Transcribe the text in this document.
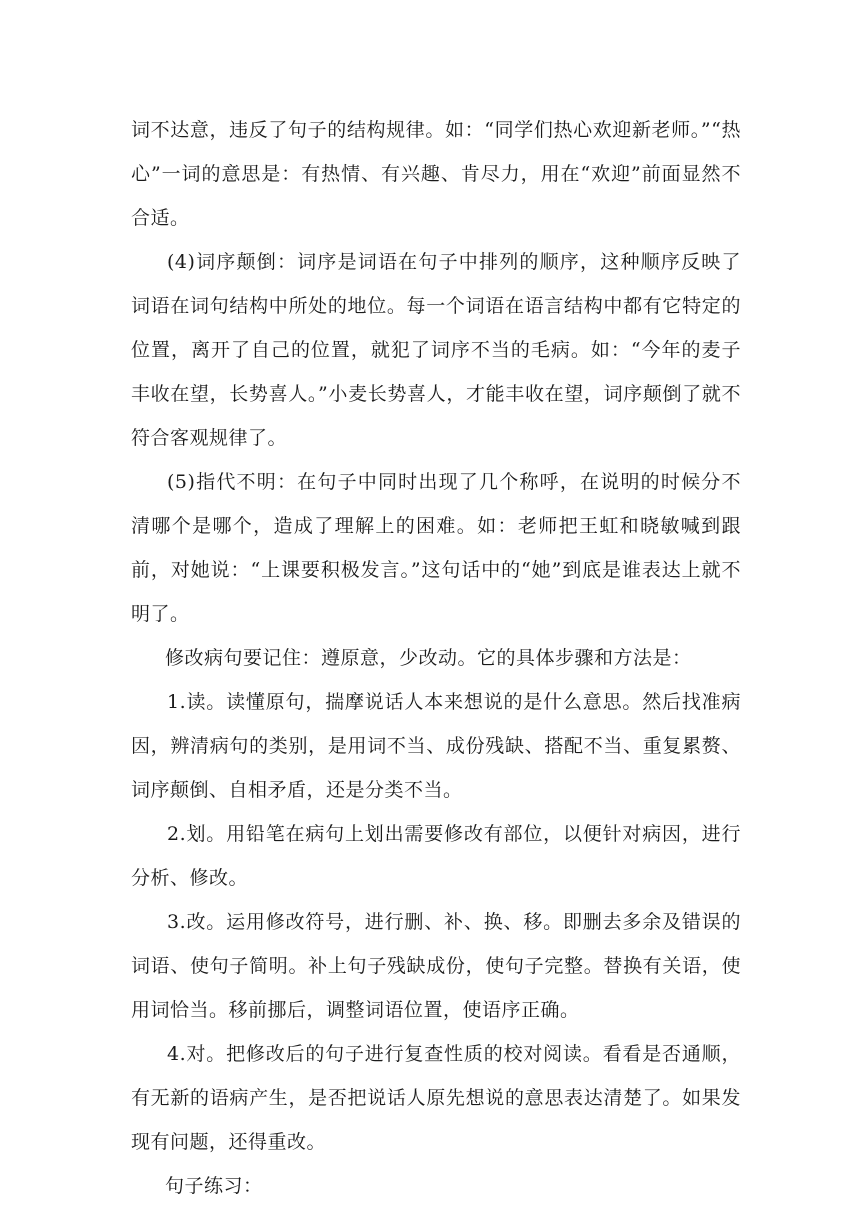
词不达意，违反了句子的结构规律。如：“同学们热心欢迎新老师。”“热心”一词的意思是：有热情、有兴趣、肯尽力，用在“欢迎”前面显然不合适。

(4)词序颠倒：词序是词语在句子中排列的顺序，这种顺序反映了词语在词句结构中所处的地位。每一个词语在语言结构中都有它特定的位置，离开了自己的位置，就犯了词序不当的毛病。如：“今年的麦子丰收在望，长势喜人。”小麦长势喜人，才能丰收在望，词序颠倒了就不符合客观规律了。

(5)指代不明：在句子中同时出现了几个称呼，在说明的时候分不清哪个是哪个，造成了理解上的困难。如：老师把王虹和晓敏喊到跟前，对她说：“上课要积极发言。”这句话中的“她”到底是谁表达上就不明了。

修改病句要记住：遵原意，少改动。它的具体步骤和方法是：

1.读。读懂原句，揣摩说话人本来想说的是什么意思。然后找准病因，辨清病句的类别，是用词不当、成份残缺、搭配不当、重复累赘、词序颠倒、自相矛盾，还是分类不当。

2.划。用铅笔在病句上划出需要修改有部位，以便针对病因，进行分析、修改。

3.改。运用修改符号，进行删、补、换、移。即删去多余及错误的词语、使句子简明。补上句子残缺成份，使句子完整。替换有关语，使用词恰当。移前挪后，调整词语位置，使语序正确。

4.对。把修改后的句子进行复查性质的校对阅读。看看是否通顺，有无新的语病产生，是否把说话人原先想说的意思表达清楚了。如果发现有问题，还得重改。

句子练习：
